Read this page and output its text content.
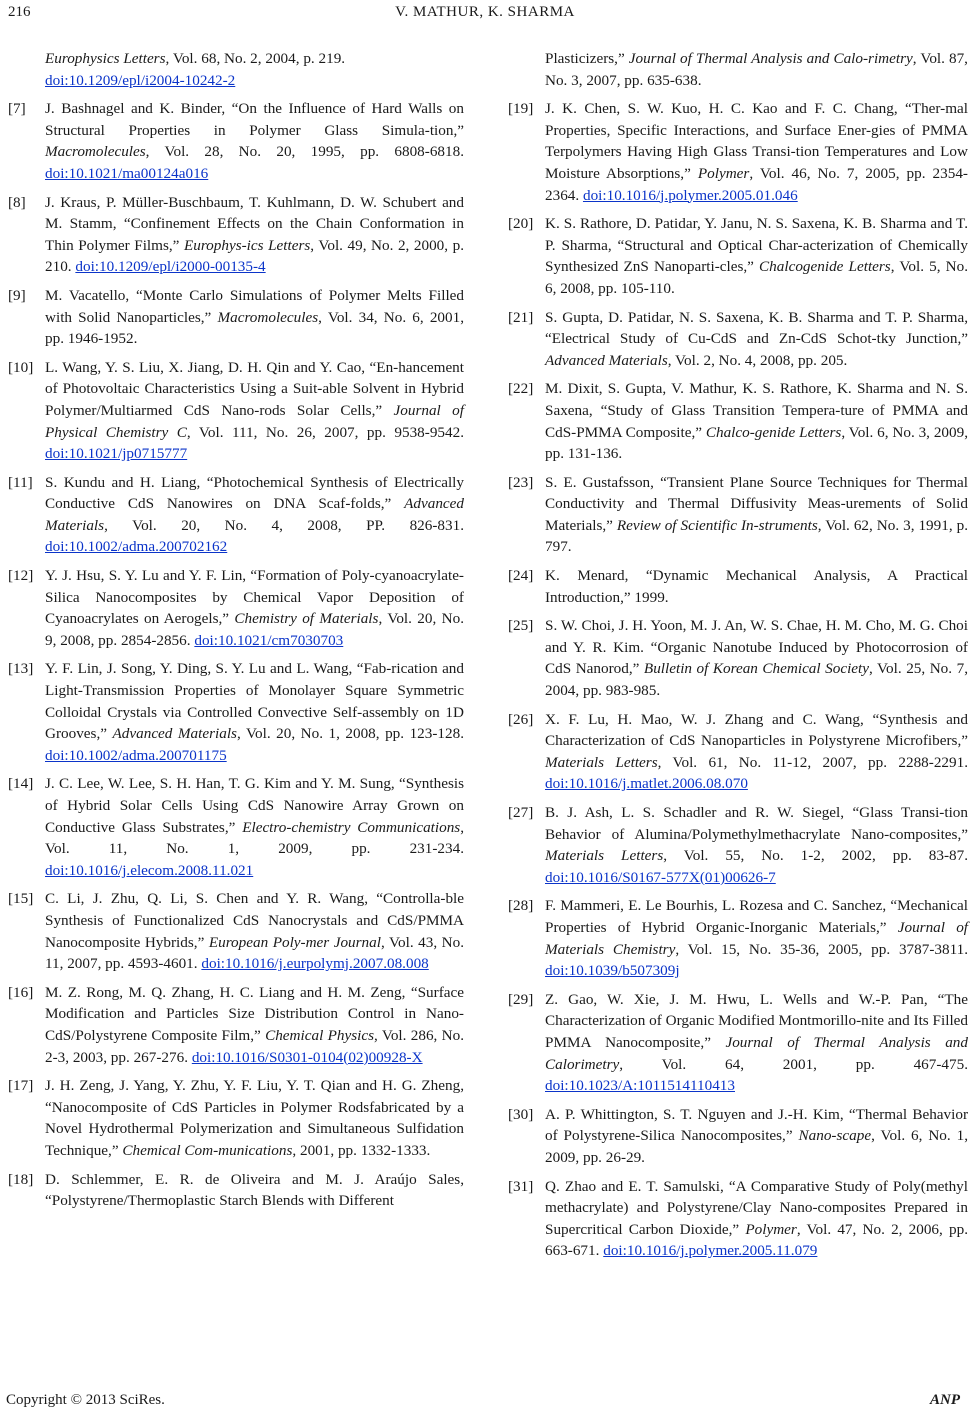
216	V. MATHUR, K. SHARMA
Europhysics Letters, Vol. 68, No. 2, 2004, p. 219.
doi:10.1209/epl/i2004-10242-2
[7] J. Bashnagel and K. Binder, “On the Influence of Hard Walls on Structural Properties in Polymer Glass Simula-tion,” Macromolecules, Vol. 28, No. 20, 1995, pp. 6808-6818. doi:10.1021/ma00124a016
[8] J. Kraus, P. Müller-Buschbaum, T. Kuhlmann, D. W. Schubert and M. Stamm, “Confinement Effects on the Chain Conformation in Thin Polymer Films,” Europhys-ics Letters, Vol. 49, No. 2, 2000, p. 210. doi:10.1209/epl/i2000-00135-4
[9] M. Vacatello, “Monte Carlo Simulations of Polymer Melts Filled with Solid Nanoparticles,” Macromolecules, Vol. 34, No. 6, 2001, pp. 1946-1952.
[10] L. Wang, Y. S. Liu, X. Jiang, D. H. Qin and Y. Cao, “En-hancement of Photovoltaic Characteristics Using a Suit-able Solvent in Hybrid Polymer/Multiarmed CdS Nano-rods Solar Cells,” Journal of Physical Chemistry C, Vol. 111, No. 26, 2007, pp. 9538-9542. doi:10.1021/jp0715777
[11] S. Kundu and H. Liang, “Photochemical Synthesis of Electrically Conductive CdS Nanowires on DNA Scaf-folds,” Advanced Materials, Vol. 20, No. 4, 2008, PP. 826-831. doi:10.1002/adma.200702162
[12] Y. J. Hsu, S. Y. Lu and Y. F. Lin, “Formation of Poly-cyanoacrylate-Silica Nanocomposites by Chemical Vapor Deposition of Cyanoacrylates on Aerogels,” Chemistry of Materials, Vol. 20, No. 9, 2008, pp. 2854-2856. doi:10.1021/cm7030703
[13] Y. F. Lin, J. Song, Y. Ding, S. Y. Lu and L. Wang, “Fab-rication and Light-Transmission Properties of Monolayer Square Symmetric Colloidal Crystals via Controlled Convective Self-assembly on 1D Grooves,” Advanced Materials, Vol. 20, No. 1, 2008, pp. 123-128. doi:10.1002/adma.200701175
[14] J. C. Lee, W. Lee, S. H. Han, T. G. Kim and Y. M. Sung, “Synthesis of Hybrid Solar Cells Using CdS Nanowire Array Grown on Conductive Glass Substrates,” Electro-chemistry Communications, Vol. 11, No. 1, 2009, pp. 231-234. doi:10.1016/j.elecom.2008.11.021
[15] C. Li, J. Zhu, Q. Li, S. Chen and Y. R. Wang, “Controlla-ble Synthesis of Functionalized CdS Nanocrystals and CdS/PMMA Nanocomposite Hybrids,” European Poly-mer Journal, Vol. 43, No. 11, 2007, pp. 4593-4601. doi:10.1016/j.eurpolymj.2007.08.008
[16] M. Z. Rong, M. Q. Zhang, H. C. Liang and H. M. Zeng, “Surface Modification and Particles Size Distribution Control in Nano-CdS/Polystyrene Composite Film,” Chemical Physics, Vol. 286, No. 2-3, 2003, pp. 267-276. doi:10.1016/S0301-0104(02)00928-X
[17] J. H. Zeng, J. Yang, Y. Zhu, Y. F. Liu, Y. T. Qian and H. G. Zheng, “Nanocomposite of CdS Particles in Polymer Rodsfabricated by a Novel Hydrothermal Polymerization and Simultaneous Sulfidation Technique,” Chemical Com-munications, 2001, pp. 1332-1333.
[18] D. Schlemmer, E. R. de Oliveira and M. J. Araújo Sales, “Polystyrene/Thermoplastic Starch Blends with Different
Plasticizers,” Journal of Thermal Analysis and Calo-rimetry, Vol. 87, No. 3, 2007, pp. 635-638.
[19] J. K. Chen, S. W. Kuo, H. C. Kao and F. C. Chang, “Ther-mal Properties, Specific Interactions, and Surface Ener-gies of PMMA Terpolymers Having High Glass Transi-tion Temperatures and Low Moisture Absorptions,” Polymer, Vol. 46, No. 7, 2005, pp. 2354-2364. doi:10.1016/j.polymer.2005.01.046
[20] K. S. Rathore, D. Patidar, Y. Janu, N. S. Saxena, K. B. Sharma and T. P. Sharma, “Structural and Optical Char-acterization of Chemically Synthesized ZnS Nanoparti-cles,” Chalcogenide Letters, Vol. 5, No. 6, 2008, pp. 105-110.
[21] S. Gupta, D. Patidar, N. S. Saxena, K. B. Sharma and T. P. Sharma, “Electrical Study of Cu-CdS and Zn-CdS Schot-tky Junction,” Advanced Materials, Vol. 2, No. 4, 2008, pp. 205.
[22] M. Dixit, S. Gupta, V. Mathur, K. S. Rathore, K. Sharma and N. S. Saxena, “Study of Glass Transition Tempera-ture of PMMA and CdS-PMMA Composite,” Chalco-genide Letters, Vol. 6, No. 3, 2009, pp. 131-136.
[23] S. E. Gustafsson, “Transient Plane Source Techniques for Thermal Conductivity and Thermal Diffusivity Meas-urements of Solid Materials,” Review of Scientific In-struments, Vol. 62, No. 3, 1991, p. 797.
[24] K. Menard, “Dynamic Mechanical Analysis, A Practical Introduction,” 1999.
[25] S. W. Choi, J. H. Yoon, M. J. An, W. S. Chae, H. M. Cho, M. G. Choi and Y. R. Kim. “Organic Nanotube Induced by Photocorrosion of CdS Nanorod,” Bulletin of Korean Chemical Society, Vol. 25, No. 7, 2004, pp. 983-985.
[26] X. F. Lu, H. Mao, W. J. Zhang and C. Wang, “Synthesis and Characterization of CdS Nanoparticles in Polystyrene Microfibers,” Materials Letters, Vol. 61, No. 11-12, 2007, pp. 2288-2291. doi:10.1016/j.matlet.2006.08.070
[27] B. J. Ash, L. S. Schadler and R. W. Siegel, “Glass Transi-tion Behavior of Alumina/Polymethylmethacrylate Nano-composites,” Materials Letters, Vol. 55, No. 1-2, 2002, pp. 83-87. doi:10.1016/S0167-577X(01)00626-7
[28] F. Mammeri, E. Le Bourhis, L. Rozesa and C. Sanchez, “Mechanical Properties of Hybrid Organic-Inorganic Materials,” Journal of Materials Chemistry, Vol. 15, No. 35-36, 2005, pp. 3787-3811. doi:10.1039/b507309j
[29] Z. Gao, W. Xie, J. M. Hwu, L. Wells and W.-P. Pan, “The Characterization of Organic Modified Montmorillo-nite and Its Filled PMMA Nanocomposite,” Journal of Thermal Analysis and Calorimetry, Vol. 64, 2001, pp. 467-475. doi:10.1023/A:1011514110413
[30] A. P. Whittington, S. T. Nguyen and J.-H. Kim, “Thermal Behavior of Polystyrene-Silica Nanocomposites,” Nano-scape, Vol. 6, No. 1, 2009, pp. 26-29.
[31] Q. Zhao and E. T. Samulski, “A Comparative Study of Poly(methyl methacrylate) and Polystyrene/Clay Nano-composites Prepared in Supercritical Carbon Dioxide,” Polymer, Vol. 47, No. 2, 2006, pp. 663-671. doi:10.1016/j.polymer.2005.11.079
Copyright © 2013 SciRes.	ANP
